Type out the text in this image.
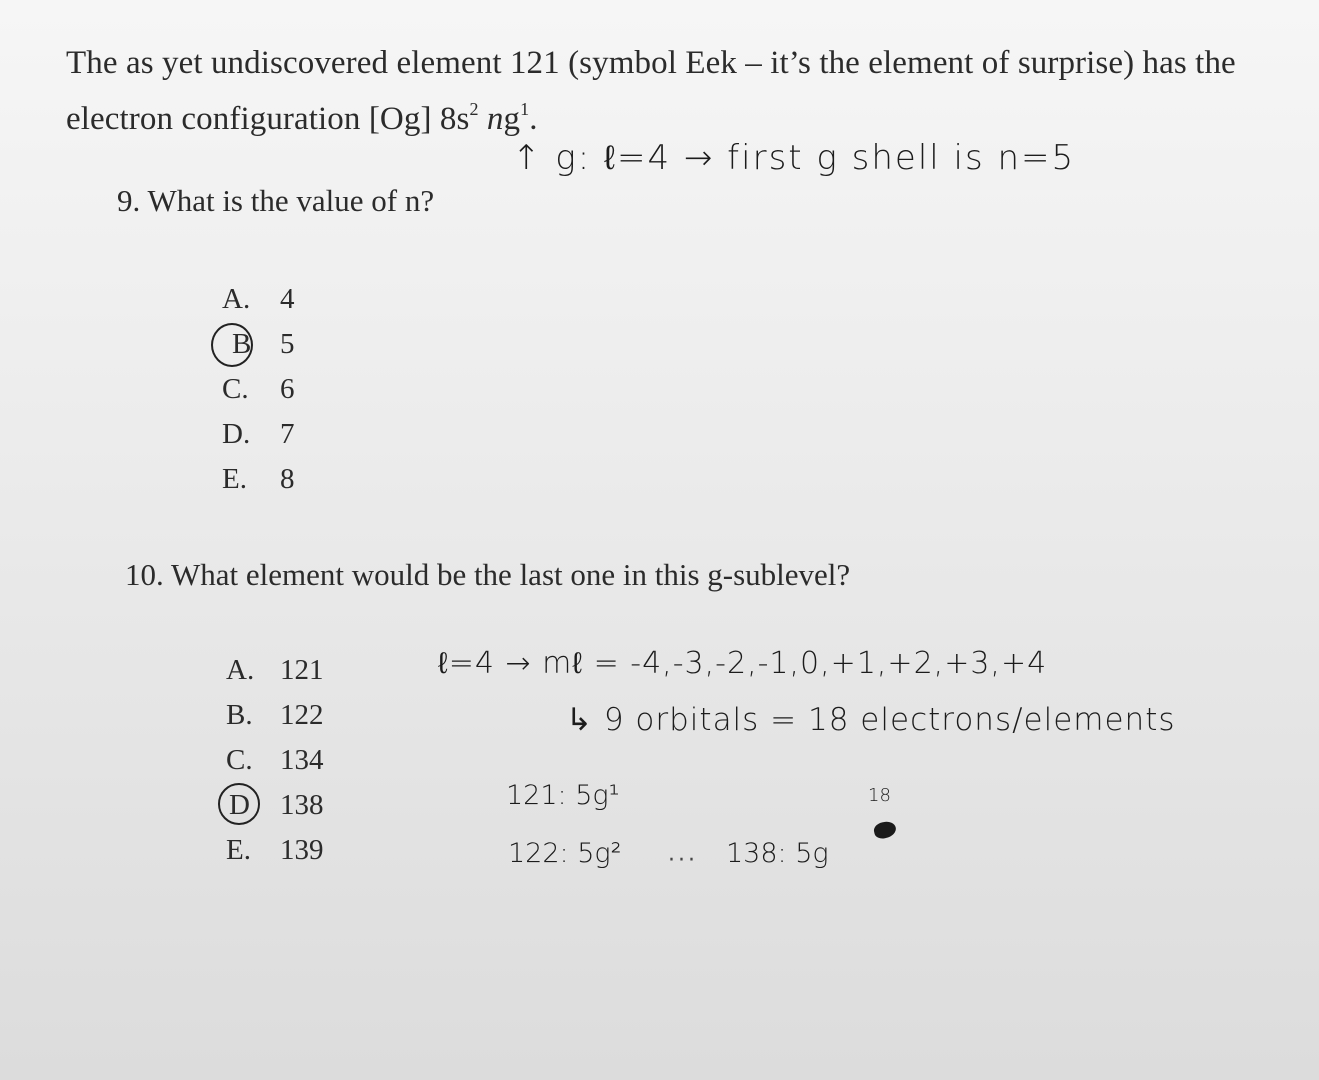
The as yet undiscovered element 121 (symbol Eek – it’s the element of surprise) has the
electron configuration [Og] $8s^2$ $ng^1$.
9. What is the value of n?
A. 4
B 5
C. 6
D. 7
E. 8
10. What element would be the last one in this g-sublevel?
A. 121
B. 122
C. 134
D 138
E. 139
↑ g: ℓ=4 → first g shell is n=5
ℓ=4 → mℓ = -4,-3,-2,-1,0,+1,+2,+3,+4
↳ 9 orbitals = 18 electrons/elements
121: 5g¹
122: 5g² ··· 138: 5g
18
